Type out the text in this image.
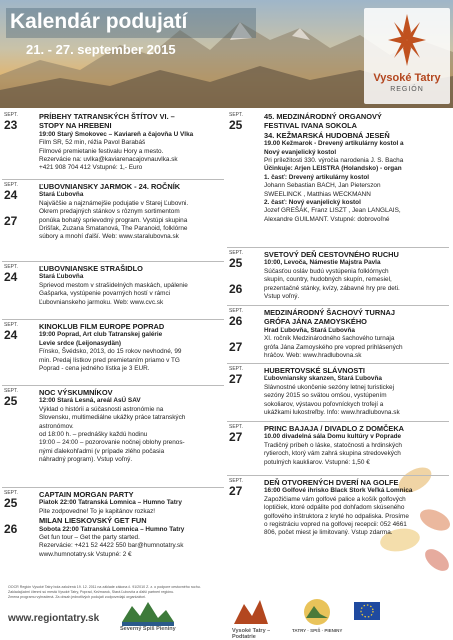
Kalendár podujatí
21. - 27. september 2015
Vysoké Tatry
REGIÓN
SEPT.
23
PRÍBEHY TATRANSKÝCH ŠTÍTOV VI. –
STOPY NA HREBENI
19:00 Starý Smokovec – Kaviareň a čajovňa U Vlka
Film SR, 52 min, réžia Pavol Barabáš
Filmové premietanie festivalu Hory a mesto.
Rezervácie na: uvlka@kaviarenacajovnauvlka.sk
+421 908 704 412 Vstupné: 1,- Euro
SEPT.
24
27
ĽUBOVNIANSKY JARMOK - 24. ROČNÍK
Stará Ľubovňa
Najväčšie a najznámejšie podujatie v Starej Ľubovni.
Okrem predajných stánkov s rôznym sortimentom
ponúka bohatý sprievodný program. Vystúpi skupina
Drišľak, Zuzana Smatanová, The Paranoid, folklórne
súbory a mnohí ďalší. Web: www.staralubovna.sk
SEPT.
24
ĽUBOVNIANSKE STRAŠIDLO
Stará Ľubovňa
Sprievod mestom v strašidelných maskách, upálenie
Gašparka, vystúpenie povarných hostí v rámci
Ľubovnianskeho jarmoku. Web: www.cvc.sk
SEPT.
24
KINOKLUB FILM EUROPE POPRAD
19:00 Poprad, Art club Tatranskej galérie
Levie srdce (Leijonasydän)
Fínsko, Švédsko, 2013, do 15 rokov nevhodné, 99
min. Predaj lístkov pred premietaním priamo v TG
Poprad - cena jedného lístka je 3 EUR.
SEPT.
25
NOC VÝSKUMNÍKOV
12:00 Stará Lesná, areál AsÚ SAV
Výklad o histórii a súčasnosti astronómie na
Slovensku, multimediálne ukážky práce tatranských
astronómov.
od 18:00 h. – prednášky každú hodinu
19:00 – 24:00 – pozorovanie nočnej oblohy prenos-
nými ďalekohľadmi (v prípade zlého počasia
náhradný program). Vstup voľný.
SEPT.
25
26
CAPTAIN MORGAN PARTY
Piatok 22:00 Tatranská Lomnica – Humno Tatry
Pite zodpovedne! To je kapitánov rozkaz!
MILAN LIESKOVSKÝ GET FUN
Sobota 22:00 Tatranská Lomnica – Humno Tatry
Get fun tour – Get the party started.
Rezervácie: +421 52 4422 550 bar@humnotatry.sk
www.humnotatry.sk Vstupné: 2 €
SEPT.
25
45. MEDZINÁRODNÝ ORGANOVÝ
FESTIVAL IVANA SOKOLA
34. KEŽMARSKÁ HUDOBNÁ JESEŇ
19.00 Kežmarok - Drevený artikulárny kostol a
Nový evanjelický kostol
Pri príležitosti 330. výročia narodenia J. S. Bacha
Účinkuje: Arjen LEISTRA (Holandsko) - organ
1. časť: Drevený artikulárny kostol
Johann Sebastian BACH, Jan Pieterszon
SWEELINCK , Matthias WECKMANN
2. časť: Nový evanjelický kostol
Jozef GREŠÁK, Franz LISZT , Jean LANGLAIS,
Alexandre GUILMANT. Vstupné: dobrovoľné
SEPT.
25
26
SVETOVÝ DEŇ CESTOVNÉHO RUCHU
10:00, Levoča, Námestie Majstra Pavla
Súčasťou osláv budú vystúpenia folklórnych
skupín, country, hudobných skupín, remesiel,
prezentačné stánky, kvízy, zábavné hry pre deti.
Vstup voľný.
SEPT.
26
27
MEDZINÁRODNÝ ŠACHOVÝ TURNAJ
GRÓFA JÁNA ZAMOYSKÉHO
Hrad Ľubovňa, Stará Ľubovňa
XI. ročník Medzinárodného šachového turnaja
grófa Jána Zamoyského pre vopred prihlásených
hráčov. Web: www.hradlubovna.sk
SEPT.
27
HUBERTOVSKÉ SLÁVNOSTI
Ľubovniansky skanzen, Stará Ľubovňa
Slávnostné ukončenie sezóny letnej turistickej
sezóny 2015 so svätou omšou, vystúpením
sokoliarov, výstavou poľovníckych trofejí a
ukážkami lukostreľby. Info: www.hradlubovna.sk
SEPT.
27
PRINC BAJAJA / DIVADLO Z DOMČEKA
10.00 divadelná sála Domu kultúry v Poprade
Tradičný príbeh o láske, statočnosti a hrdinských
rytieroch, ktorý vám zahrá skupina stredovekých
potulných kaukliarov. Vstupné: 1,50 €
SEPT.
27
DEŇ OTVORENÝCH DVERÍ NA GOLFE
16:00 Golfové ihrisko Black Stork Veľká Lomnica
Zapožičiame vám golfové palice a košík golfových
loptičiek, ktoré odpálite pod dohľadom skúseného
golfového inštruktora z kryté ho odpaliska. Prosíme
o registráciu vopred na golfovej recepcii: 052 4661
806, počet miest je limitovaný. Vstup zdarma.
OOCR Región Vysoké Tatry bola založená 19. 12. 2011 na základe zákona č. 91/2010 Z. z. o podpore cestovného ruchu.
Zakladajúcimi členmi sú mestá Vysoké Tatry, Poprad, Kežmarok, Stará Ľubovňa a ďalší partneri regiónu.
Zmena programu vyhradená. Za obsah jednotlivých podujatí zodpovedajú organizátori.
www.regiontatry.sk
Severný Spiš Pieniny	Vysoké Tatry – Podtatrie
TATRY · SPIŠ · PIENINY
